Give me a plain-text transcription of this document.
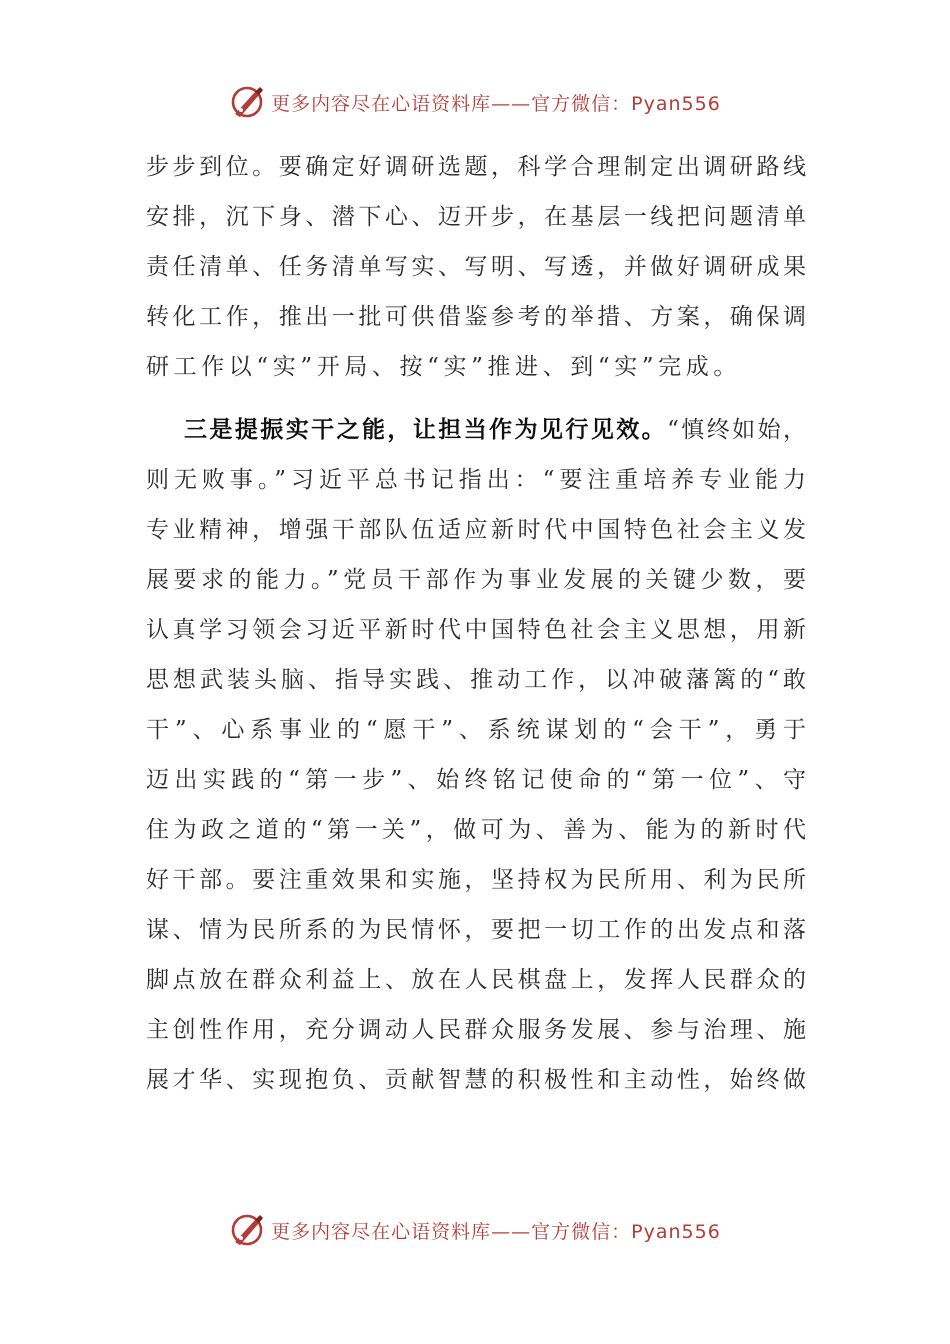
更多内容尽在心语资料库——官方微信：Pyan556
步步到位。要确定好调研选题，科学合理制定出调研路线
安排，沉下身、潜下心、迈开步，在基层一线把问题清单
责任清单、任务清单写实、写明、写透，并做好调研成果
转化工作，推出一批可供借鉴参考的举措、方案，确保调
研工作以“实”开局、按“实”推进、到“实”完成。
三是提振实干之能，让担当作为见行见效。“慎终如始，
则无败事。”习近平总书记指出：“要注重培养专业能力
专业精神，增强干部队伍适应新时代中国特色社会主义发
展要求的能力。”党员干部作为事业发展的关键少数，要
认真学习领会习近平新时代中国特色社会主义思想，用新
思想武装头脑、指导实践、推动工作，以冲破藩篱的“敢
干”、心系事业的“愿干”、系统谋划的“会干”，勇于
迈出实践的“第一步”、始终铭记使命的“第一位”、守
住为政之道的“第一关”，做可为、善为、能为的新时代
好干部。要注重效果和实施，坚持权为民所用、利为民所
谋、情为民所系的为民情怀，要把一切工作的出发点和落
脚点放在群众利益上、放在人民棋盘上，发挥人民群众的
主创性作用，充分调动人民群众服务发展、参与治理、施
展才华、实现抱负、贡献智慧的积极性和主动性，始终做
更多内容尽在心语资料库——官方微信：Pyan556
